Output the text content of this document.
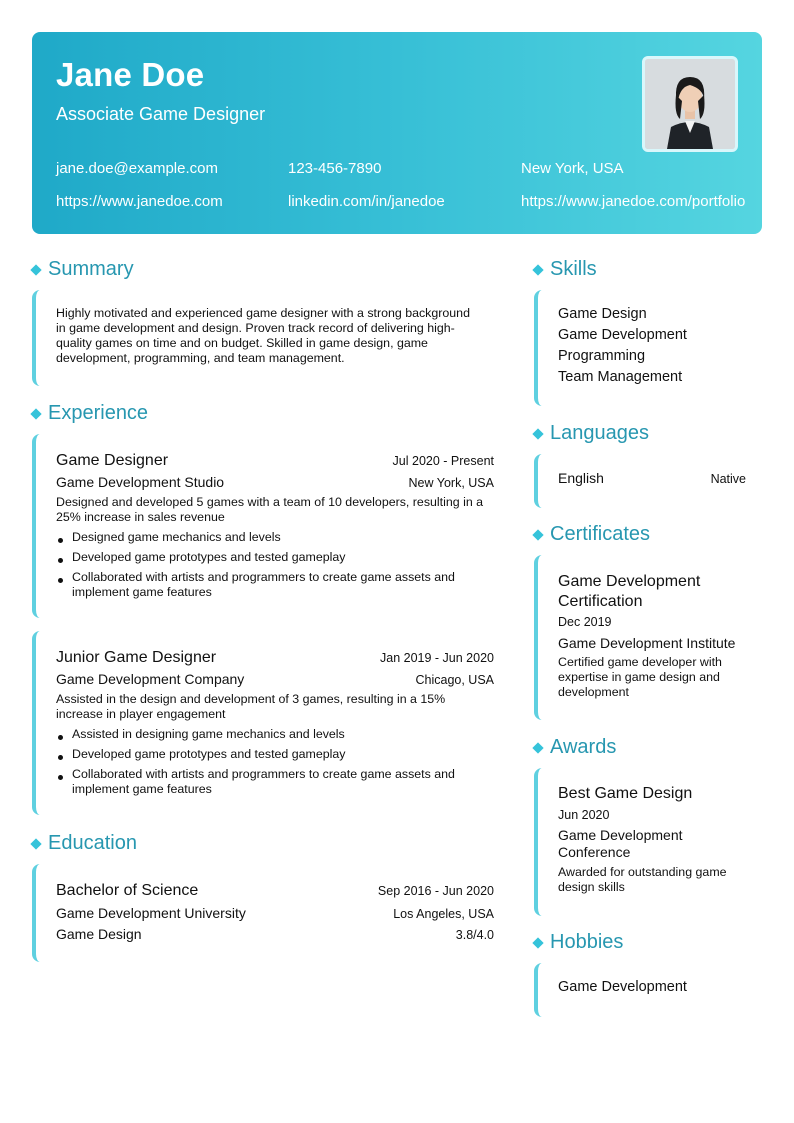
Jane Doe
Associate Game Designer
jane.doe@example.com	123-456-7890	New York, USA
https://www.janedoe.com	linkedin.com/in/janedoe	https://www.janedoe.com/portfolio
Summary
Highly motivated and experienced game designer with a strong background in game development and design. Proven track record of delivering high-quality games on time and on budget. Skilled in game design, game development, programming, and team management.
Experience
Game Designer	Jul 2020 - Present
Game Development Studio	New York, USA
Designed and developed 5 games with a team of 10 developers, resulting in a 25% increase in sales revenue
Designed game mechanics and levels
Developed game prototypes and tested gameplay
Collaborated with artists and programmers to create game assets and implement game features
Junior Game Designer	Jan 2019 - Jun 2020
Game Development Company	Chicago, USA
Assisted in the design and development of 3 games, resulting in a 15% increase in player engagement
Assisted in designing game mechanics and levels
Developed game prototypes and tested gameplay
Collaborated with artists and programmers to create game assets and implement game features
Education
Bachelor of Science	Sep 2016 - Jun 2020
Game Development University	Los Angeles, USA
Game Design	3.8/4.0
Skills
Game Design
Game Development
Programming
Team Management
Languages
English	Native
Certificates
Game Development Certification
Dec 2019
Game Development Institute
Certified game developer with expertise in game design and development
Awards
Best Game Design
Jun 2020
Game Development Conference
Awarded for outstanding game design skills
Hobbies
Game Development
